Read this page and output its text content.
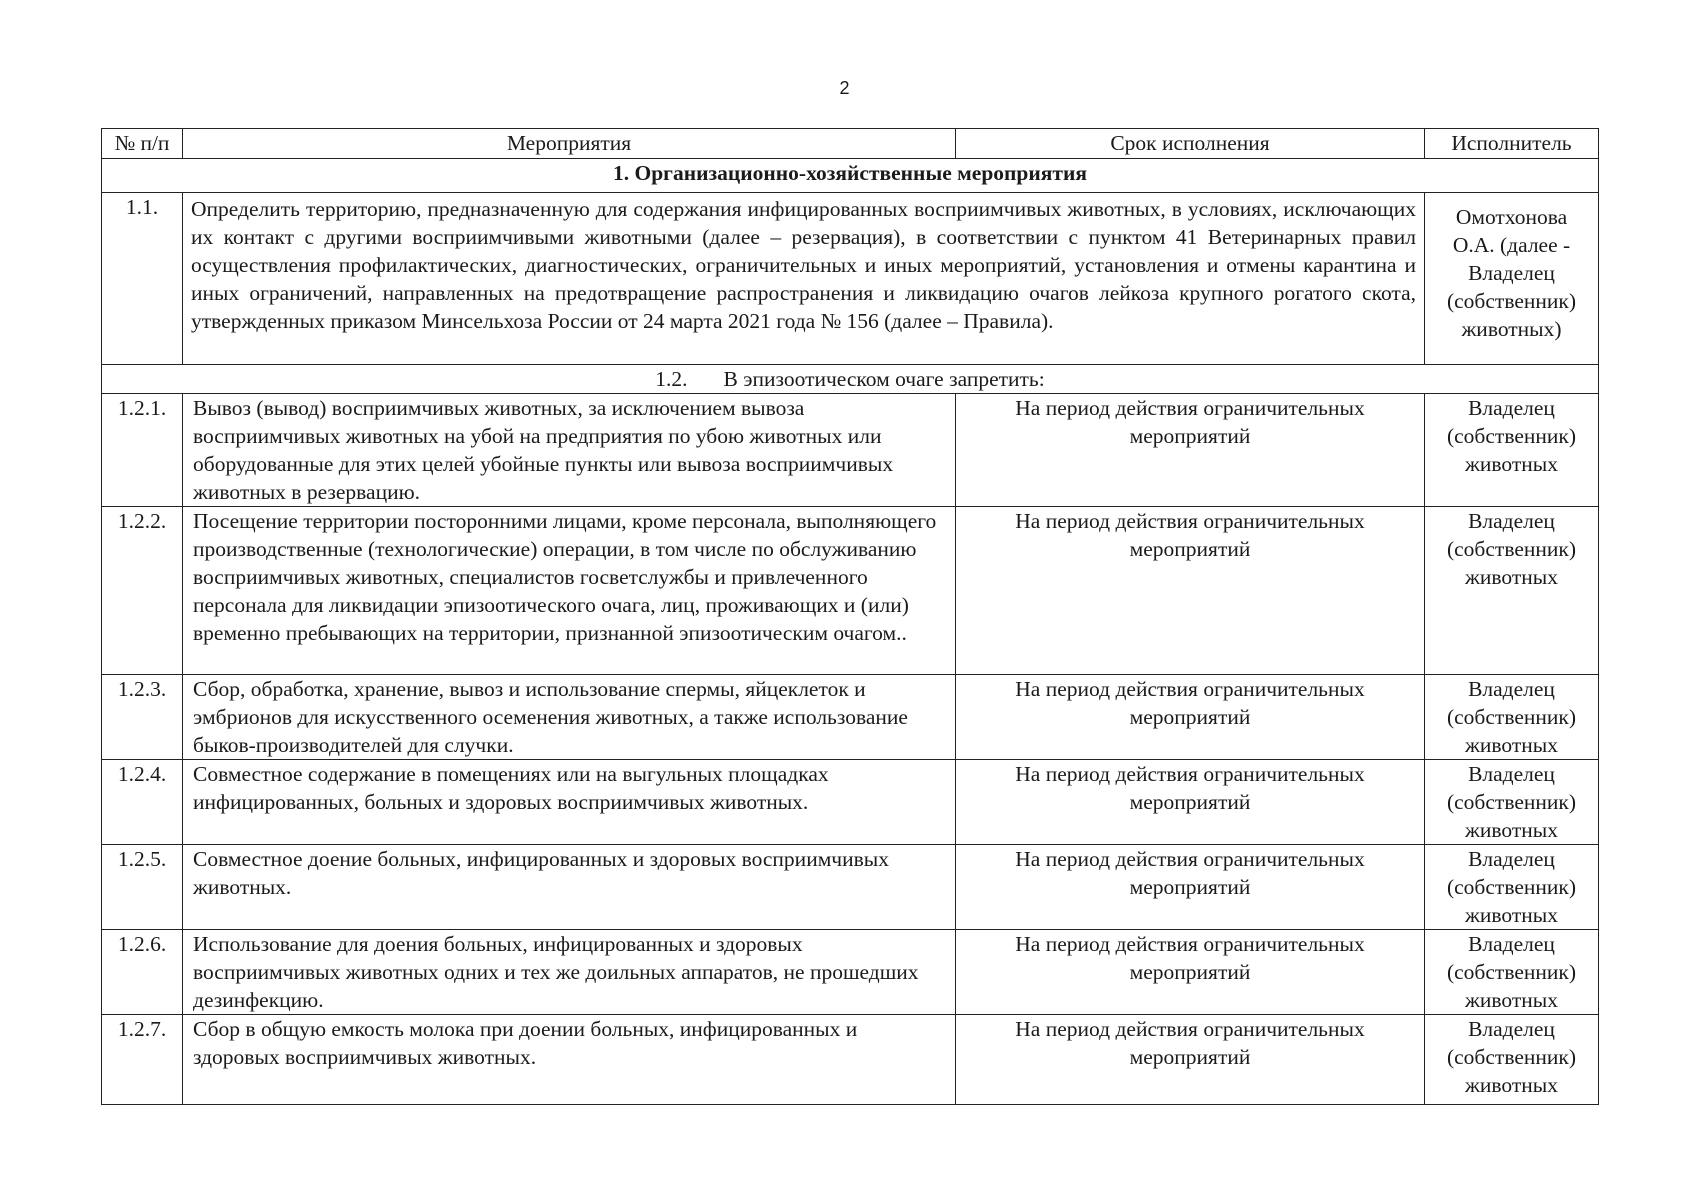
2
№ п/п	Мероприятия	Срок исполнения	Исполнитель
1. Организационно-хозяйственные мероприятия			
1.1.	Определить территорию, предназначенную для содержания инфицированных восприимчивых животных, в условиях, исключающих их контакт с другими восприимчивыми животными (далее – резервация), в соответствии с пунктом 41 Ветеринарных правил осуществления профилактических, диагностических, ограничительных и иных мероприятий, установления и отмены карантина и иных ограничений, направленных на предотвращение распространения и ликвидацию очагов лейкоза крупного рогатого скота, утвержденных приказом Минсельхоза России от 24 марта 2021 года № 156 (далее – Правила).		Омотхонова О.А. (далее - Владелец (собственник) животных)
1.2. В эпизоотическом очаге запретить:			
1.2.1.	Вывоз (вывод) восприимчивых животных, за исключением вывоза восприимчивых животных на убой на предприятия по убою животных или оборудованные для этих целей убойные пункты или вывоза восприимчивых животных в резервацию.	На период действия ограничительных мероприятий	Владелец (собственник) животных
1.2.2.	Посещение территории посторонними лицами, кроме персонала, выполняющего производственные (технологические) операции, в том числе по обслуживанию восприимчивых животных, специалистов госветслужбы и привлеченного персонала для ликвидации эпизоотического очага, лиц, проживающих и (или) временно пребывающих на территории, признанной эпизоотическим очагом..	На период действия ограничительных мероприятий	Владелец (собственник) животных
1.2.3.	Сбор, обработка, хранение, вывоз и использование спермы, яйцеклеток и эмбрионов для искусственного осеменения животных, а также использование быков-производителей для случки.	На период действия ограничительных мероприятий	Владелец (собственник) животных
1.2.4.	Совместное содержание в помещениях или на выгульных площадках инфицированных, больных и здоровых восприимчивых животных.	На период действия ограничительных мероприятий	Владелец (собственник) животных
1.2.5.	Совместное доение больных, инфицированных и здоровых восприимчивых животных.	На период действия ограничительных мероприятий	Владелец (собственник) животных
1.2.6.	Использование для доения больных, инфицированных и здоровых восприимчивых животных одних и тех же доильных аппаратов, не прошедших дезинфекцию.	На период действия ограничительных мероприятий	Владелец (собственник) животных
1.2.7.	Сбор в общую емкость молока при доении больных, инфицированных и здоровых восприимчивых животных.	На период действия ограничительных мероприятий	Владелец (собственник) животных
